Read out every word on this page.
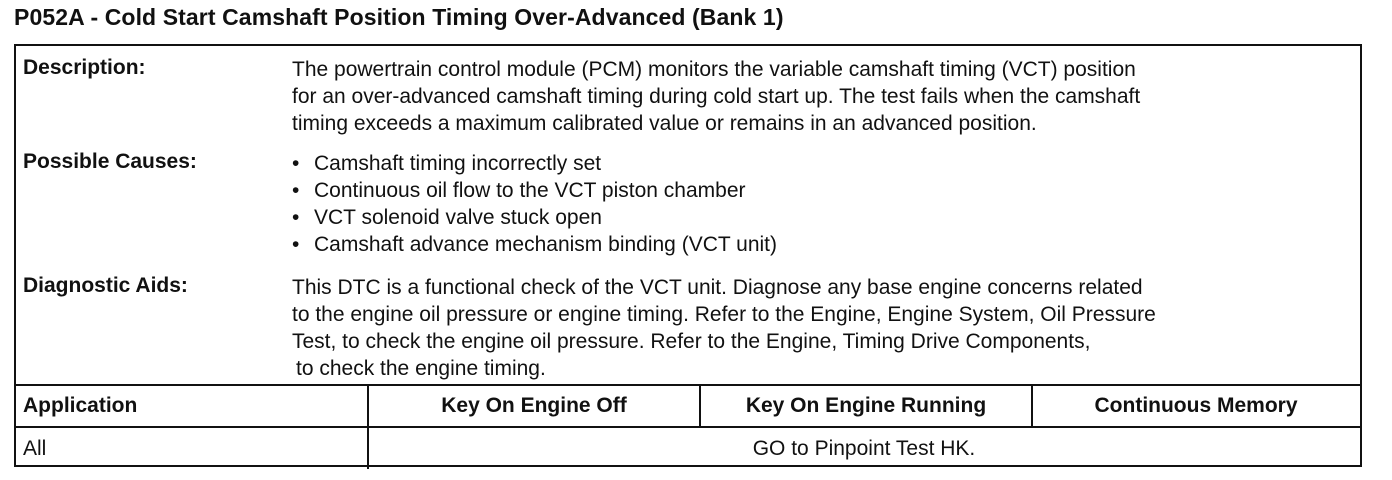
P052A - Cold Start Camshaft Position Timing Over-Advanced (Bank 1)
Description:	The powertrain control module (PCM) monitors the variable camshaft timing (VCT) position
for an over-advanced camshaft timing during cold start up. The test fails when the camshaft
timing exceeds a maximum calibrated value or remains in an advanced position.
Possible Causes:
•	Camshaft timing incorrectly set
• Continuous oil flow to the VCT piston chamber
• VCT solenoid valve stuck open
• Camshaft advance mechanism binding (VCT unit)
Diagnostic Aids:	This DTC is a functional check of the VCT unit. Diagnose any base engine concerns related
to the engine oil pressure or engine timing. Refer to the Engine, Engine System, Oil Pressure
Test, to check the engine oil pressure. Refer to the Engine, Timing Drive Components,
to check the engine timing.
Application	Key On Engine Off	Key On Engine Running	Continuous Memory
All	GO to Pinpoint Test HK.
